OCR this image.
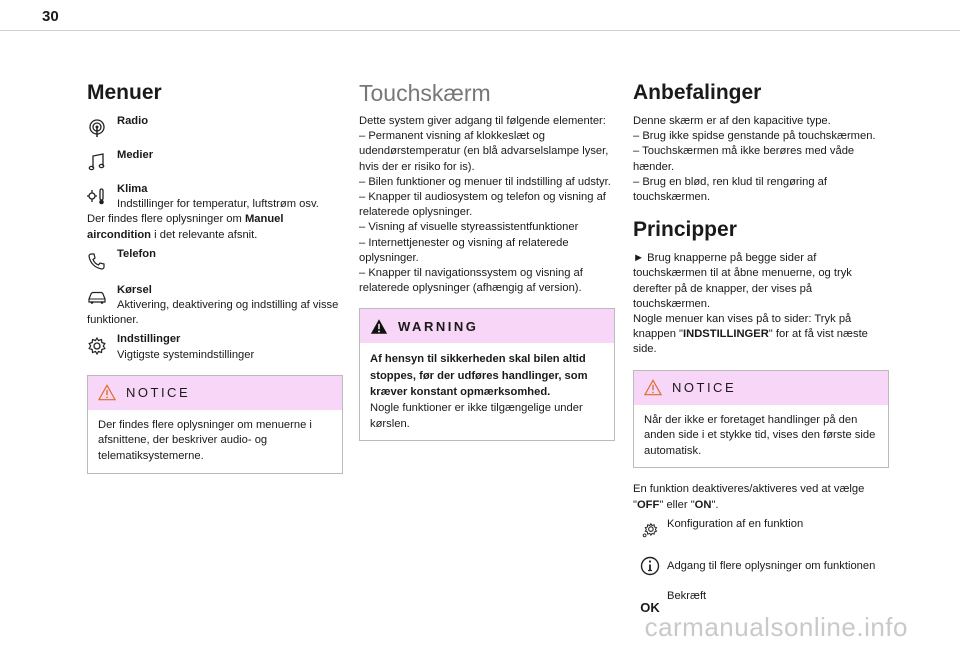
30
Menuer
Radio
Medier
Klima
Indstillinger for temperatur, luftstrøm osv.

Der findes flere oplysninger om Manuel aircondition i det relevante afsnit.

Telefon
Kørsel

Aktivering, deaktivering og indstilling af visse funktioner.
Indstillinger
Vigtigste systemindstillinger
NOTICE
Der findes flere oplysninger om menuerne i afsnittene, der beskriver audio- og telematiksystemerne.
Touchskærm

Dette system giver adgang til følgende elementer:

– Permanent visning af klokkeslæt og udendørstemperatur (en blå advarselslampe lyser, hvis der er risiko for is).

– Bilen funktioner og menuer til indstilling af udstyr.

– Knapper til audiosystem og telefon og visning af relaterede oplysninger.

– Visning af visuelle styreassistentfunktioner

– Internettjenester og visning af relaterede oplysninger.

– Knapper til navigationssystem og visning af relaterede oplysninger (afhængig af version).

WARNING
Af hensyn til sikkerheden skal bilen altid stoppes, før der udføres handlinger, som kræver konstant opmærksomhed.
Nogle funktioner er ikke tilgængelige under kørslen.
Anbefalinger

Denne skærm er af den kapacitive type.

– Brug ikke spidse genstande på touchskærmen.

– Touchskærmen må ikke berøres med våde hænder.

– Brug en blød, ren klud til rengøring af touchskærmen.

Principper

► Brug knapperne på begge sider af touchskærmen til at åbne menuerne, og tryk derefter på de knapper, der vises på touchskærmen.

Nogle menuer kan vises på to sider: Tryk på knappen "INDSTILLINGER" for at få vist næste side.

NOTICE
Når der ikke er foretaget handlinger på den anden side i et stykke tid, vises den første side automatisk.

En funktion deaktiveres/aktiveres ved at vælge "OFF" eller "ON".

Konfiguration af en funktion
Adgang til flere oplysninger om funktionen
OK
Bekræft
carmanualsonline.info
